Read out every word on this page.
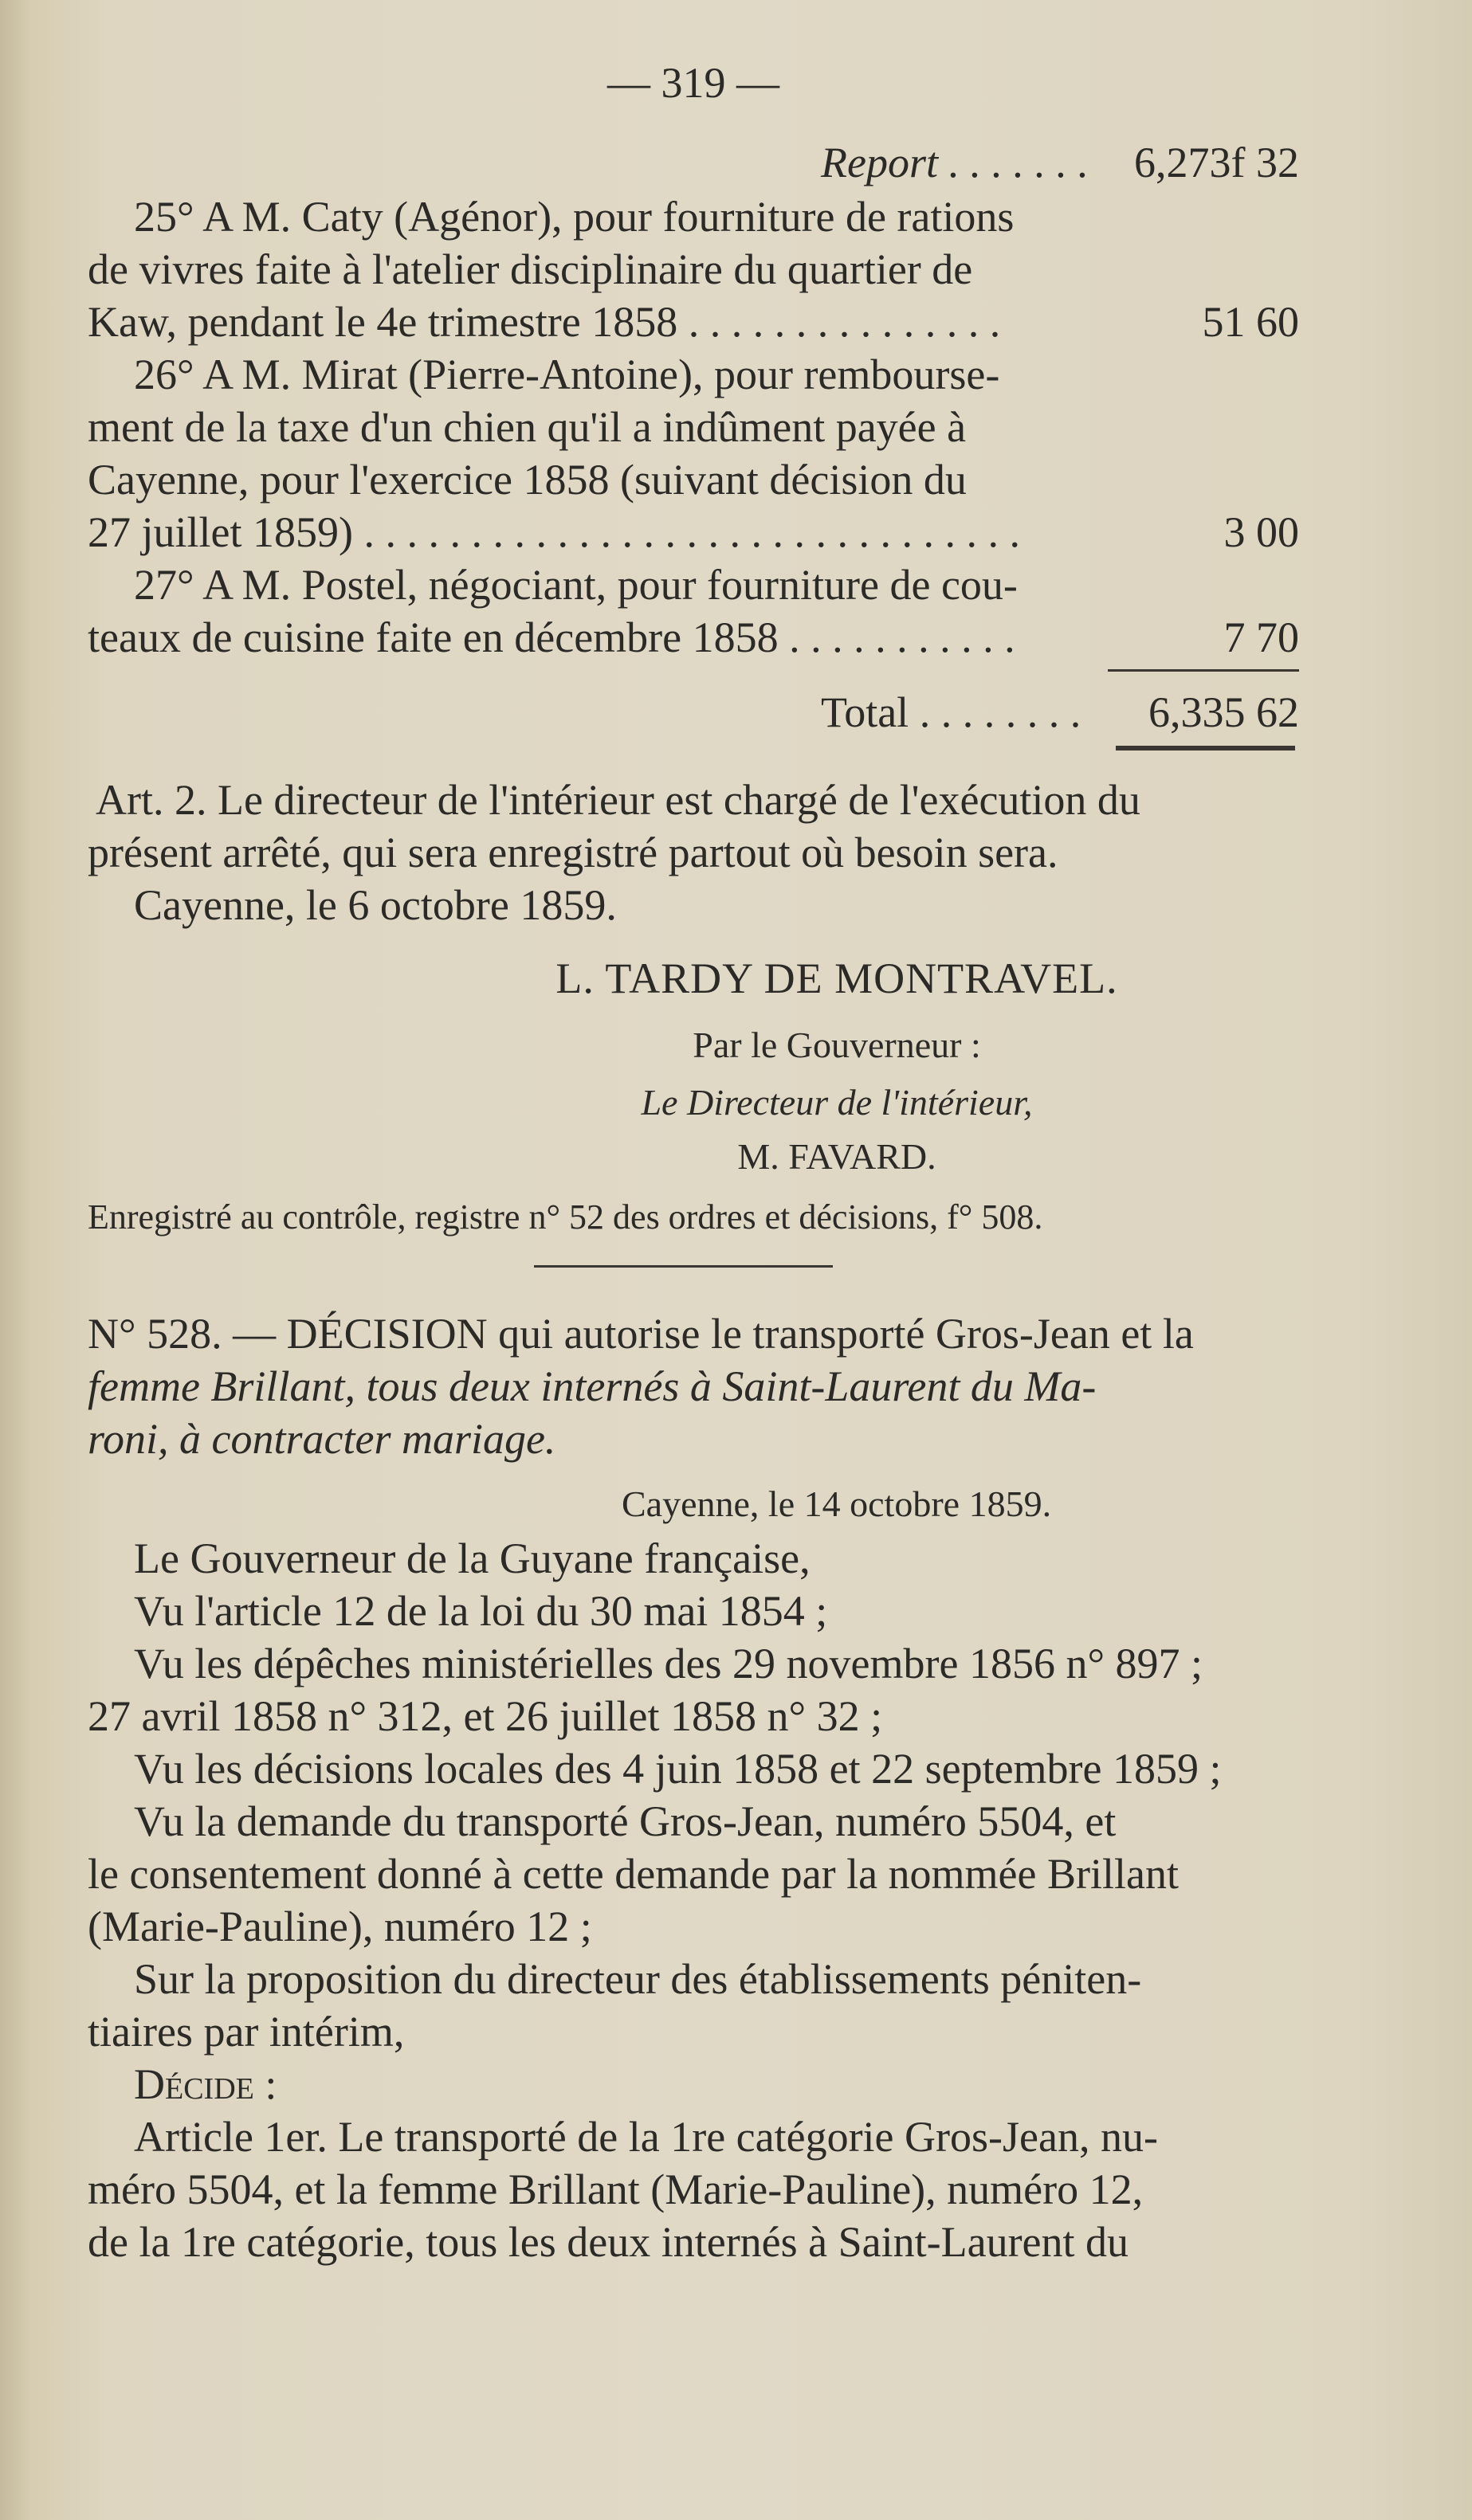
— 319 —

Report . . . . . . . 6,273f 32

25° A M. Caty (Agénor), pour fourniture de rations

de vivres faite à l'atelier disciplinaire du quartier de

Kaw, pendant le 4e trimestre 1858 . . . . . . . . . . . . . . .	51 60

26° A M. Mirat (Pierre-Antoine), pour rembourse-

ment de la taxe d'un chien qu'il a indûment payée à

Cayenne, pour l'exercice 1858 (suivant décision du

27 juillet 1859) . . . . . . . . . . . . . . . . . . . . . . . . . . . . . . .	3 00

27° A M. Postel, négociant, pour fourniture de cou-

teaux de cuisine faite en décembre 1858 . . . . . . . . . . .	7 70
Total . . . . . . . . 6,335 62

Art. 2. Le directeur de l'intérieur est chargé de l'exécution du

présent arrêté, qui sera enregistré partout où besoin sera.

Cayenne, le 6 octobre 1859.

L. TARDY DE MONTRAVEL.

Par le Gouverneur :

Le Directeur de l'intérieur,

M. FAVARD.

Enregistré au contrôle, registre n° 52 des ordres et décisions, f° 508.

N° 528. — DÉCISION qui autorise le transporté Gros-Jean et la

femme Brillant, tous deux internés à Saint-Laurent du Ma-

roni, à contracter mariage.

Cayenne, le 14 octobre 1859.

Le Gouverneur de la Guyane française,

Vu l'article 12 de la loi du 30 mai 1854 ;

Vu les dépêches ministérielles des 29 novembre 1856 n° 897 ;

27 avril 1858 n° 312, et 26 juillet 1858 n° 32 ;

Vu les décisions locales des 4 juin 1858 et 22 septembre 1859 ;

Vu la demande du transporté Gros-Jean, numéro 5504, et

le consentement donné à cette demande par la nommée Brillant

(Marie-Pauline), numéro 12 ;

Sur la proposition du directeur des établissements péniten-

tiaires par intérim,

Décide :

Article 1er. Le transporté de la 1re catégorie Gros-Jean, nu-

méro 5504, et la femme Brillant (Marie-Pauline), numéro 12,

de la 1re catégorie, tous les deux internés à Saint-Laurent du
